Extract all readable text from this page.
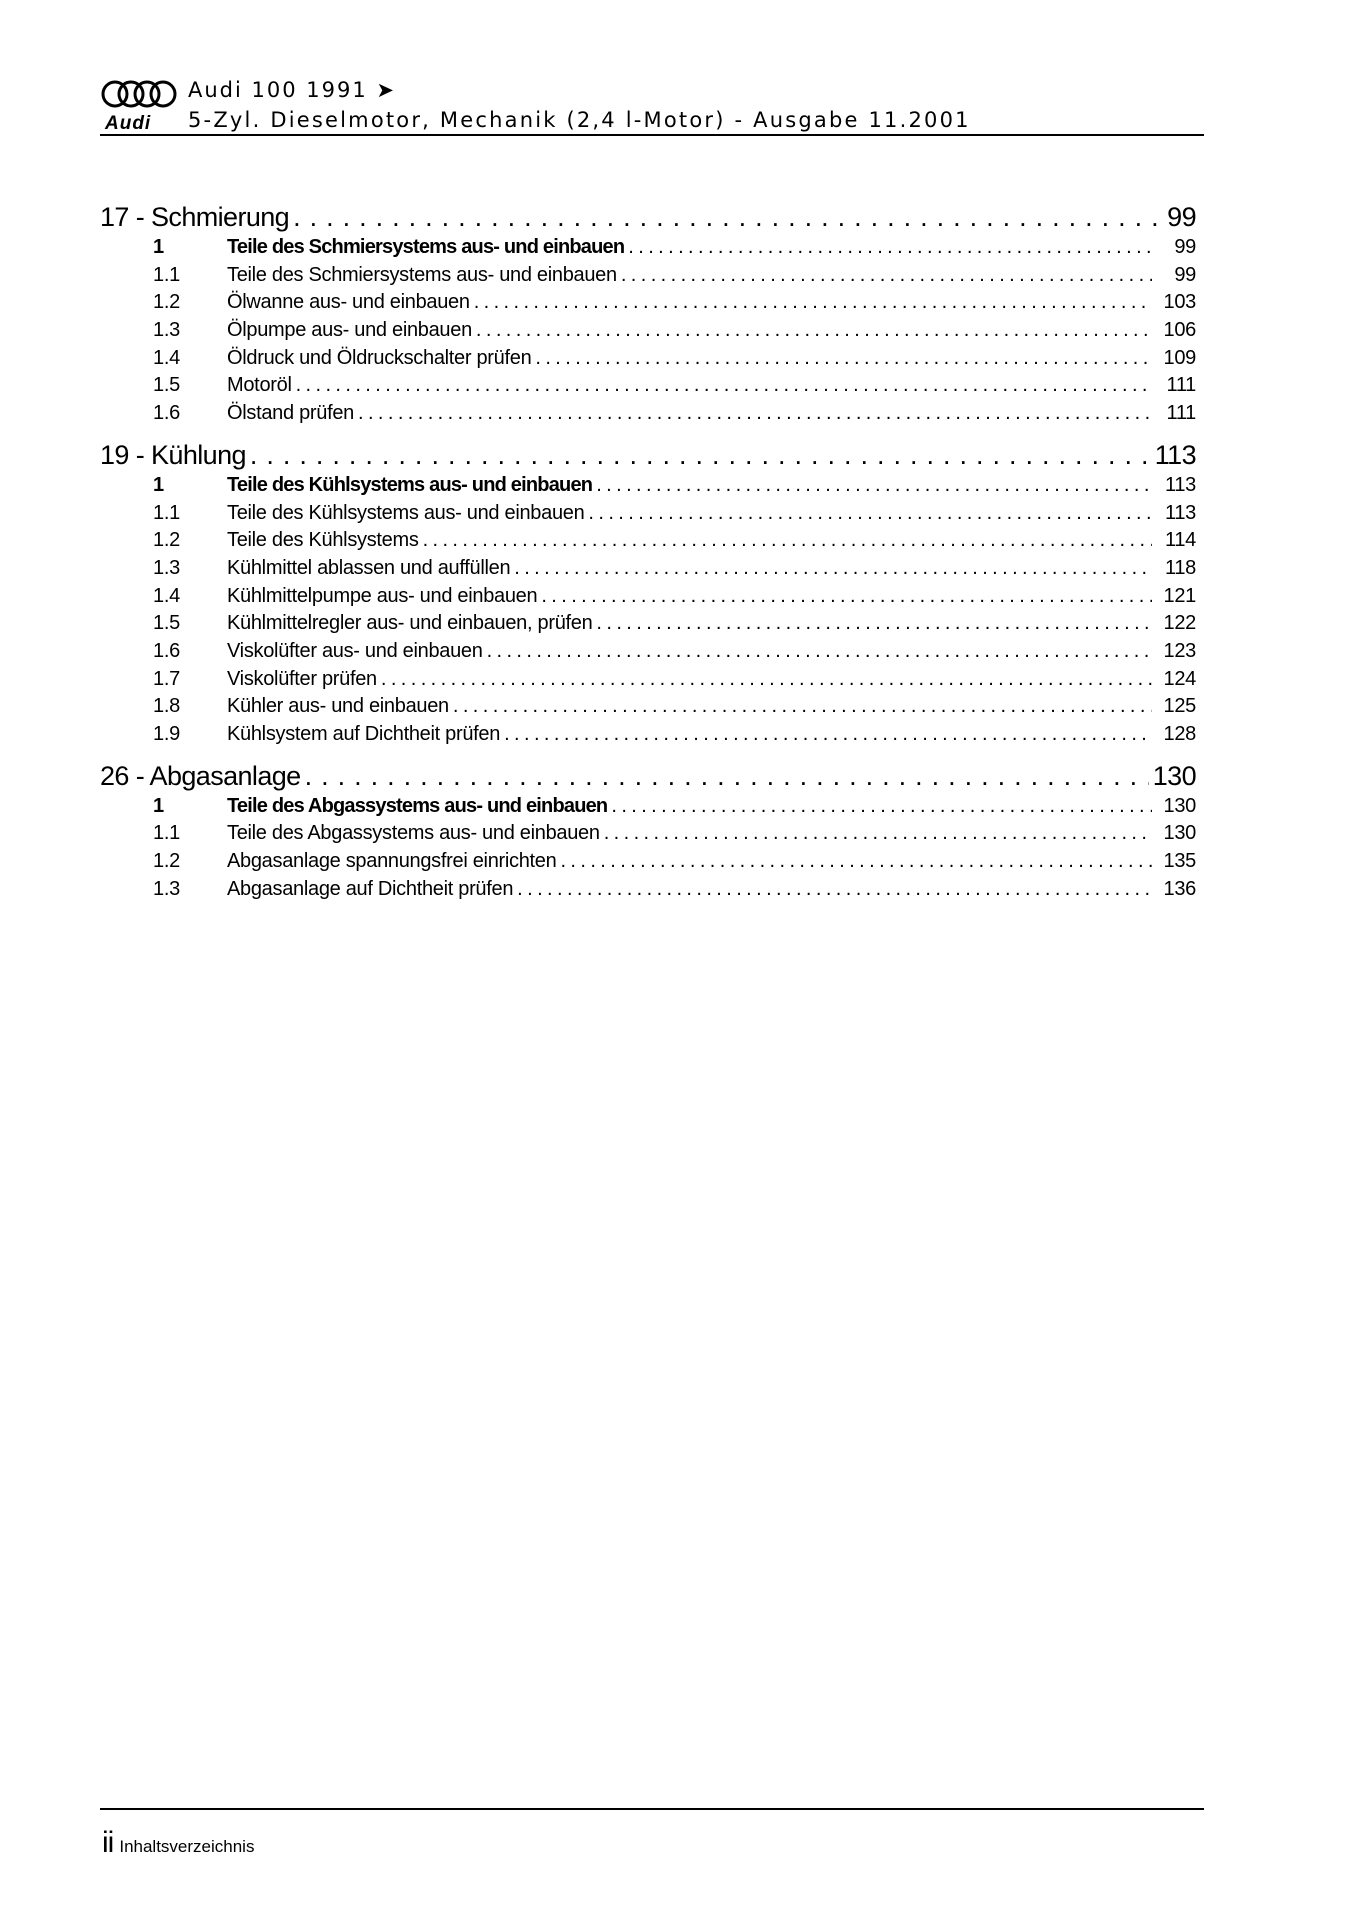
Audi
Audi 100 1991 ➤
5-Zyl. Dieselmotor, Mechanik (2,4 l-Motor) - Ausgabe 11.2001
17 - Schmierung .....	99
1	Teile des Schmiersystems aus- und einbauen .....	99
1.1	Teile des Schmiersystems aus- und einbauen .....	99
1.2	Ölwanne aus- und einbauen .....	103
1.3	Ölpumpe aus- und einbauen .....	106
1.4	Öldruck und Öldruckschalter prüfen .....	109
1.5	Motoröl .....	111
1.6	Ölstand prüfen .....	111
19 - Kühlung .....	113
1	Teile des Kühlsystems aus- und einbauen .....	113
1.1	Teile des Kühlsystems aus- und einbauen .....	113
1.2	Teile des Kühlsystems .....	114
1.3	Kühlmittel ablassen und auffüllen .....	118
1.4	Kühlmittelpumpe aus- und einbauen .....	121
1.5	Kühlmittelregler aus- und einbauen, prüfen .....	122
1.6	Viskolüfter aus- und einbauen .....	123
1.7	Viskolüfter prüfen .....	124
1.8	Kühler aus- und einbauen .....	125
1.9	Kühlsystem auf Dichtheit prüfen .....	128
26 - Abgasanlage .....	130
1	Teile des Abgassystems aus- und einbauen .....	130
1.1	Teile des Abgassystems aus- und einbauen .....	130
1.2	Abgasanlage spannungsfrei einrichten .....	135
1.3	Abgasanlage auf Dichtheit prüfen .....	136
ii Inhaltsverzeichnis
